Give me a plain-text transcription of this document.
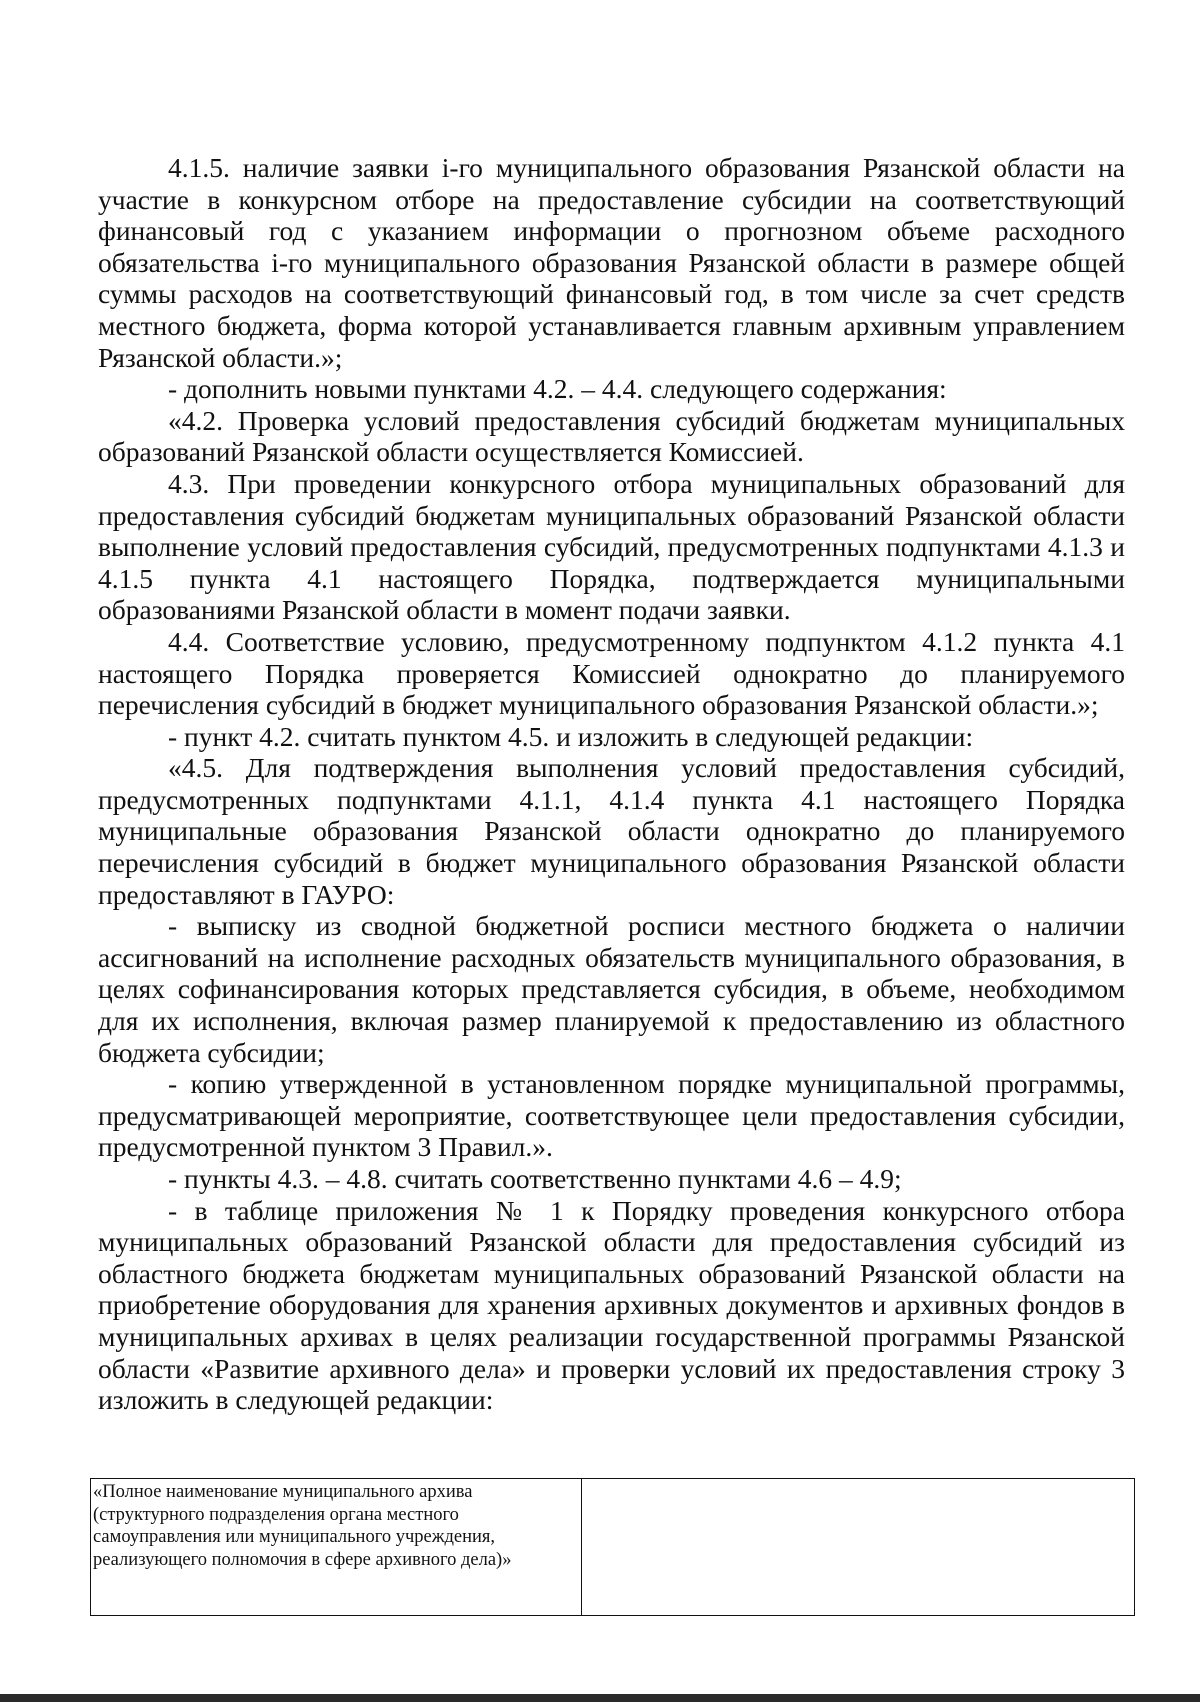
4.1.5. наличие заявки i-го муниципального образования Рязанской области на участие в конкурсном отборе на предоставление субсидии на соответствующий финансовый год с указанием информации о прогнозном объеме расходного обязательства i-го муниципального образования Рязанской области в размере общей суммы расходов на соответствующий финансовый год, в том числе за счет средств местного бюджета, форма которой устанавливается главным архивным управлением Рязанской области.»;

- дополнить новыми пунктами 4.2. – 4.4. следующего содержания:

«4.2. Проверка условий предоставления субсидий бюджетам муниципальных образований Рязанской области осуществляется Комиссией.

4.3. При проведении конкурсного отбора муниципальных образований для предоставления субсидий бюджетам муниципальных образований Рязанской области выполнение условий предоставления субсидий, предусмотренных подпунктами 4.1.3 и 4.1.5 пункта 4.1 настоящего Порядка, подтверждается муниципальными образованиями Рязанской области в момент подачи заявки.

4.4. Соответствие условию, предусмотренному подпунктом 4.1.2 пункта 4.1 настоящего Порядка проверяется Комиссией однократно до планируемого перечисления субсидий в бюджет муниципального образования Рязанской области.»;

- пункт 4.2. считать пунктом 4.5. и изложить в следующей редакции:

«4.5. Для подтверждения выполнения условий предоставления субсидий, предусмотренных подпунктами 4.1.1, 4.1.4 пункта 4.1 настоящего Порядка муниципальные образования Рязанской области однократно до планируемого перечисления субсидий в бюджет муниципального образования Рязанской области предоставляют в ГАУРО:

- выписку из сводной бюджетной росписи местного бюджета о наличии ассигнований на исполнение расходных обязательств муниципального образования, в целях софинансирования которых представляется субсидия, в объеме, необходимом для их исполнения, включая размер планируемой к предоставлению из областного бюджета субсидии;

- копию утвержденной в установленном порядке муниципальной программы, предусматривающей мероприятие, соответствующее цели предоставления субсидии, предусмотренной пунктом 3 Правил.».

- пункты 4.3. – 4.8. считать соответственно пунктами 4.6 – 4.9;

- в таблице приложения № 1 к Порядку проведения конкурсного отбора муниципальных образований Рязанской области для предоставления субсидий из областного бюджета бюджетам муниципальных образований Рязанской области на приобретение оборудования для хранения архивных документов и архивных фондов в муниципальных архивах в целях реализации государственной программы Рязанской области «Развитие архивного дела» и проверки условий их предоставления строку 3 изложить в следующей редакции:

«Полное наименование муниципального архива (структурного подразделения органа местного самоуправления или муниципального учреждения, реализующего полномочия в сфере архивного дела)»	
